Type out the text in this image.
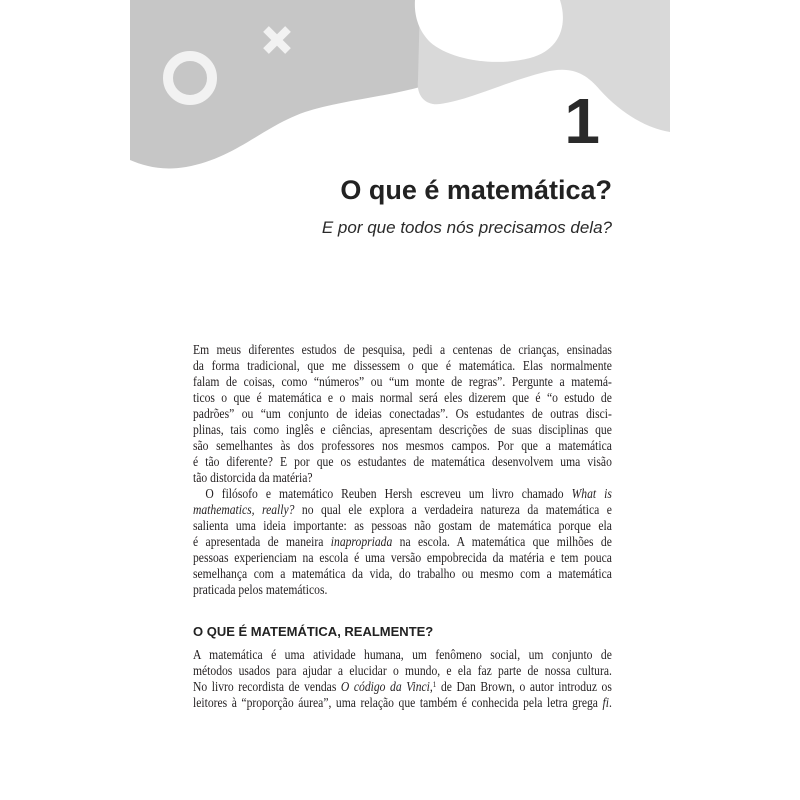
1
O que é matemática?
E por que todos nós precisamos dela?
Em meus diferentes estudos de pesquisa, pedi a centenas de crianças, ensinadas
da forma tradicional, que me dissessem o que é matemática. Elas normalmente
falam de coisas, como “números” ou “um monte de regras”. Pergunte a matemá-
ticos o que é matemática e o mais normal será eles dizerem que é “o estudo de
padrões” ou “um conjunto de ideias conectadas”. Os estudantes de outras disci-
plinas, tais como inglês e ciências, apresentam descrições de suas disciplinas que
são semelhantes às dos professores nos mesmos campos. Por que a matemática
é tão diferente? E por que os estudantes de matemática desenvolvem uma visão
tão distorcida da matéria?
O filósofo e matemático Reuben Hersh escreveu um livro chamado What is
mathematics, really? no qual ele explora a verdadeira natureza da matemática e
salienta uma ideia importante: as pessoas não gostam de matemática porque ela
é apresentada de maneira inapropriada na escola. A matemática que milhões de
pessoas experienciam na escola é uma versão empobrecida da matéria e tem pouca
semelhança com a matemática da vida, do trabalho ou mesmo com a matemática
praticada pelos matemáticos.
O QUE É MATEMÁTICA, REALMENTE?
A matemática é uma atividade humana, um fenômeno social, um conjunto de
métodos usados para ajudar a elucidar o mundo, e ela faz parte de nossa cultura.
No livro recordista de vendas O código da Vinci,$^1$ de Dan Brown, o autor introduz os
leitores à “proporção áurea”, uma relação que também é conhecida pela letra grega fi.
